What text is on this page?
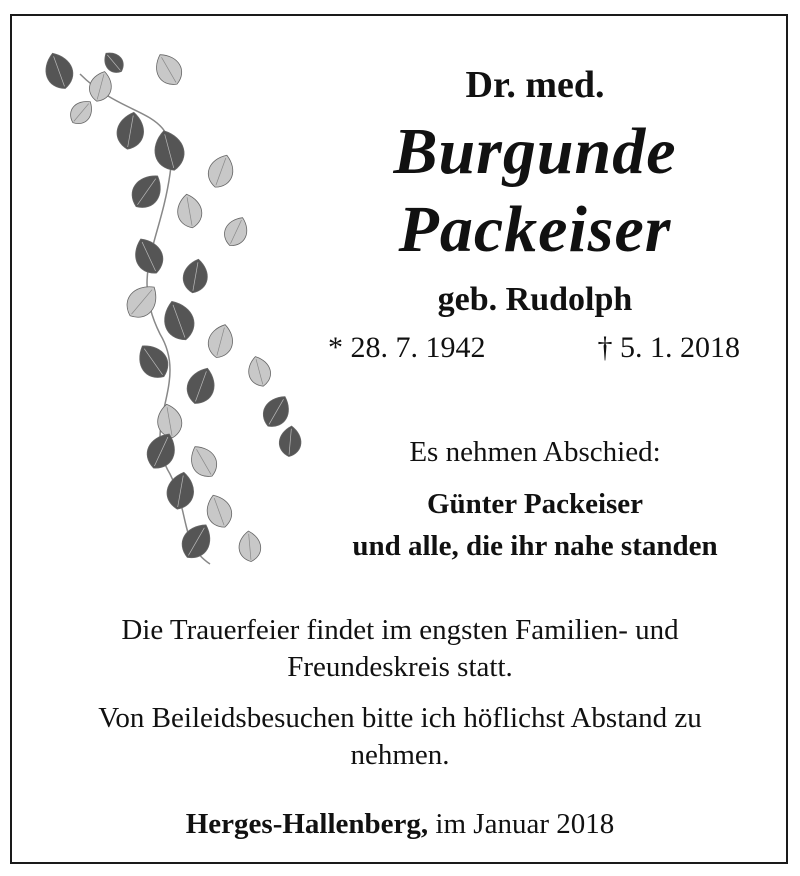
Dr. med.
Burgunde
Packeiser
geb. Rudolph
* 28. 7. 1942	† 5. 1. 2018
Es nehmen Abschied:
Günter Packeiser
und alle, die ihr nahe standen
Die Trauerfeier findet im engsten Familien- und Freundeskreis statt.
Von Beileidsbesuchen bitte ich höflichst Abstand zu nehmen.
Herges-Hallenberg, im Januar 2018
